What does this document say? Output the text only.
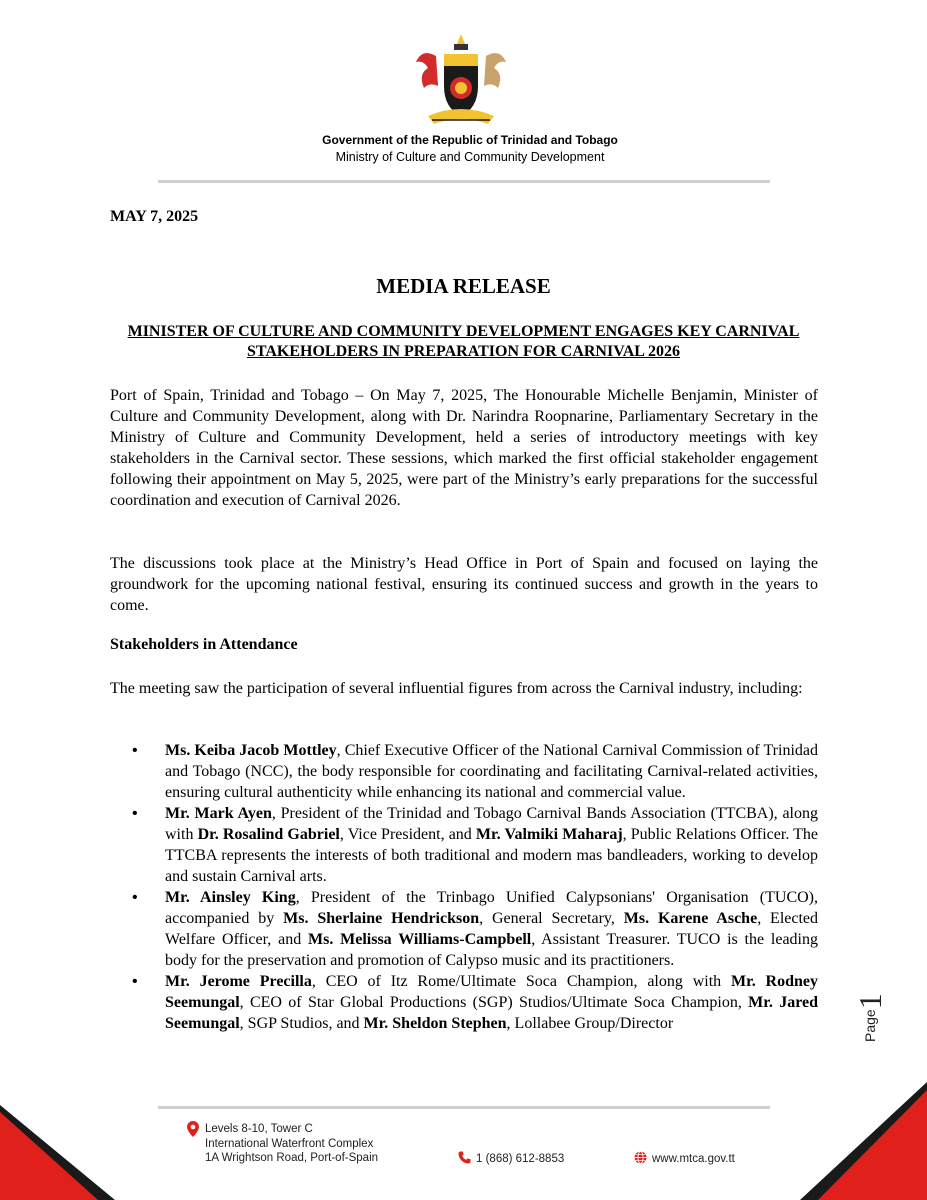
Government of the Republic of Trinidad and Tobago
Ministry of Culture and Community Development
MAY 7, 2025
MEDIA RELEASE
MINISTER OF CULTURE AND COMMUNITY DEVELOPMENT ENGAGES KEY CARNIVAL STAKEHOLDERS IN PREPARATION FOR CARNIVAL 2026

Port of Spain, Trinidad and Tobago – On May 7, 2025, The Honourable Michelle Benjamin, Minister of Culture and Community Development, along with Dr. Narindra Roopnarine, Parliamentary Secretary in the Ministry of Culture and Community Development, held a series of introductory meetings with key stakeholders in the Carnival sector. These sessions, which marked the first official stakeholder engagement following their appointment on May 5, 2025, were part of the Ministry’s early preparations for the successful coordination and execution of Carnival 2026.

The discussions took place at the Ministry’s Head Office in Port of Spain and focused on laying the groundwork for the upcoming national festival, ensuring its continued success and growth in the years to come.

Stakeholders in Attendance

The meeting saw the participation of several influential figures from across the Carnival industry, including:

• Ms. Keiba Jacob Mottley, Chief Executive Officer of the National Carnival Commission of Trinidad and Tobago (NCC), the body responsible for coordinating and facilitating Carnival-related activities, ensuring cultural authenticity while enhancing its national and commercial value.
• Mr. Mark Ayen, President of the Trinidad and Tobago Carnival Bands Association (TTCBA), along with Dr. Rosalind Gabriel, Vice President, and Mr. Valmiki Maharaj, Public Relations Officer. The TTCBA represents the interests of both traditional and modern mas bandleaders, working to develop and sustain Carnival arts.
• Mr. Ainsley King, President of the Trinbago Unified Calypsonians' Organisation (TUCO), accompanied by Ms. Sherlaine Hendrickson, General Secretary, Ms. Karene Asche, Elected Welfare Officer, and Ms. Melissa Williams-Campbell, Assistant Treasurer. TUCO is the leading body for the preservation and promotion of Calypso music and its practitioners.
• Mr. Jerome Precilla, CEO of Itz Rome/Ultimate Soca Champion, along with Mr. Rodney Seemungal, CEO of Star Global Productions (SGP) Studios/Ultimate Soca Champion, Mr. Jared Seemungal, SGP Studios, and Mr. Sheldon Stephen, Lollabee Group/Director	Page1
Levels 8-10, Tower C
International Waterfront Complex
1A Wrightson Road, Port-of-Spain	1 (868) 612-8853	www.mtca.gov.tt
